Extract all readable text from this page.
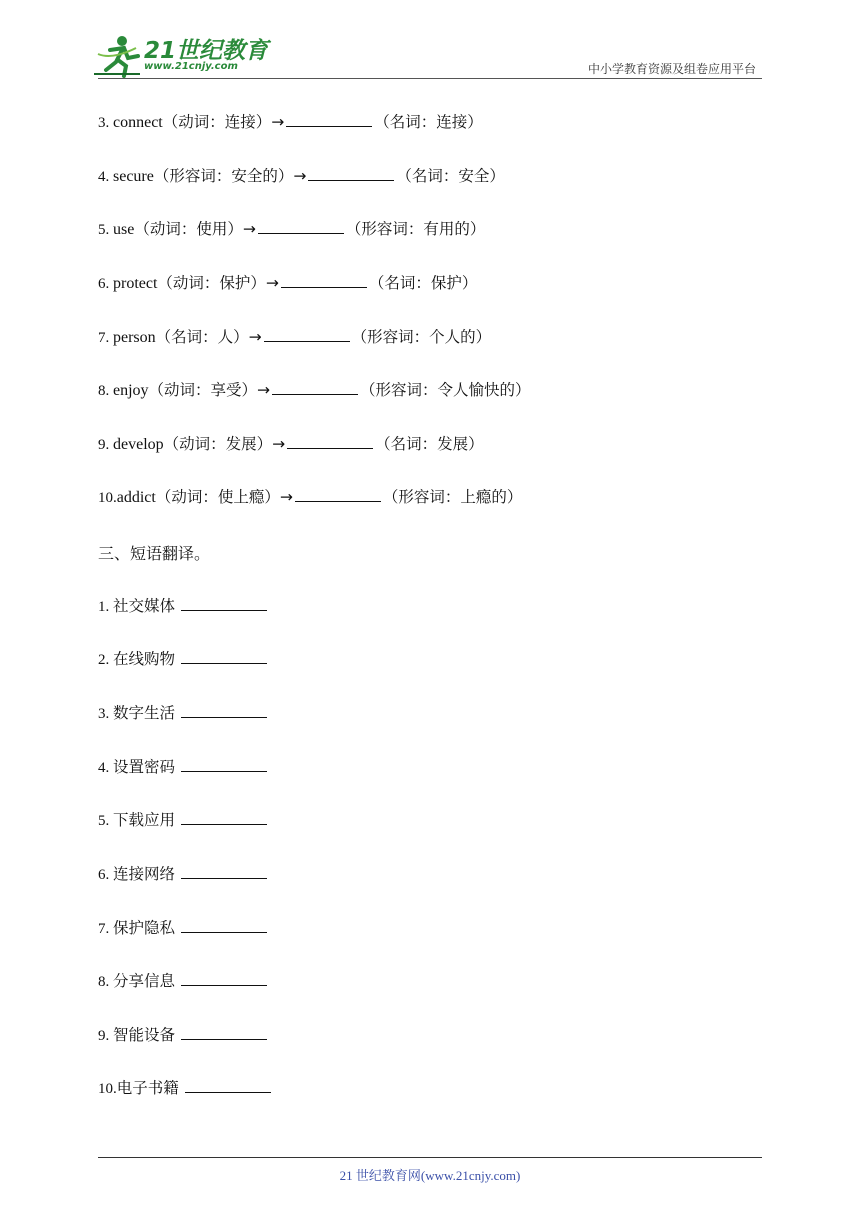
21世纪教育
www.21cnjy.com	中小学教育资源及组卷应用平台
3. connect（动词：连接）→	（名词：连接）
4. secure（形容词：安全的）→	（名词：安全）
5. use（动词：使用）→	（形容词：有用的）
6. protect（动词：保护）→	（名词：保护）
7. person（名词：人）→	（形容词：个人的）
8. enjoy（动词：享受）→	（形容词：令人愉快的）
9. develop（动词：发展）→	（名词：发展）
10.addict（动词：使上瘾）→	（形容词：上瘾的）
三、短语翻译。
1. 社交媒体
2. 在线购物
3. 数字生活
4. 设置密码
5. 下载应用
6. 连接网络
7. 保护隐私
8. 分享信息
9. 智能设备
10.电子书籍
21 世纪教育网(www.21cnjy.com)
